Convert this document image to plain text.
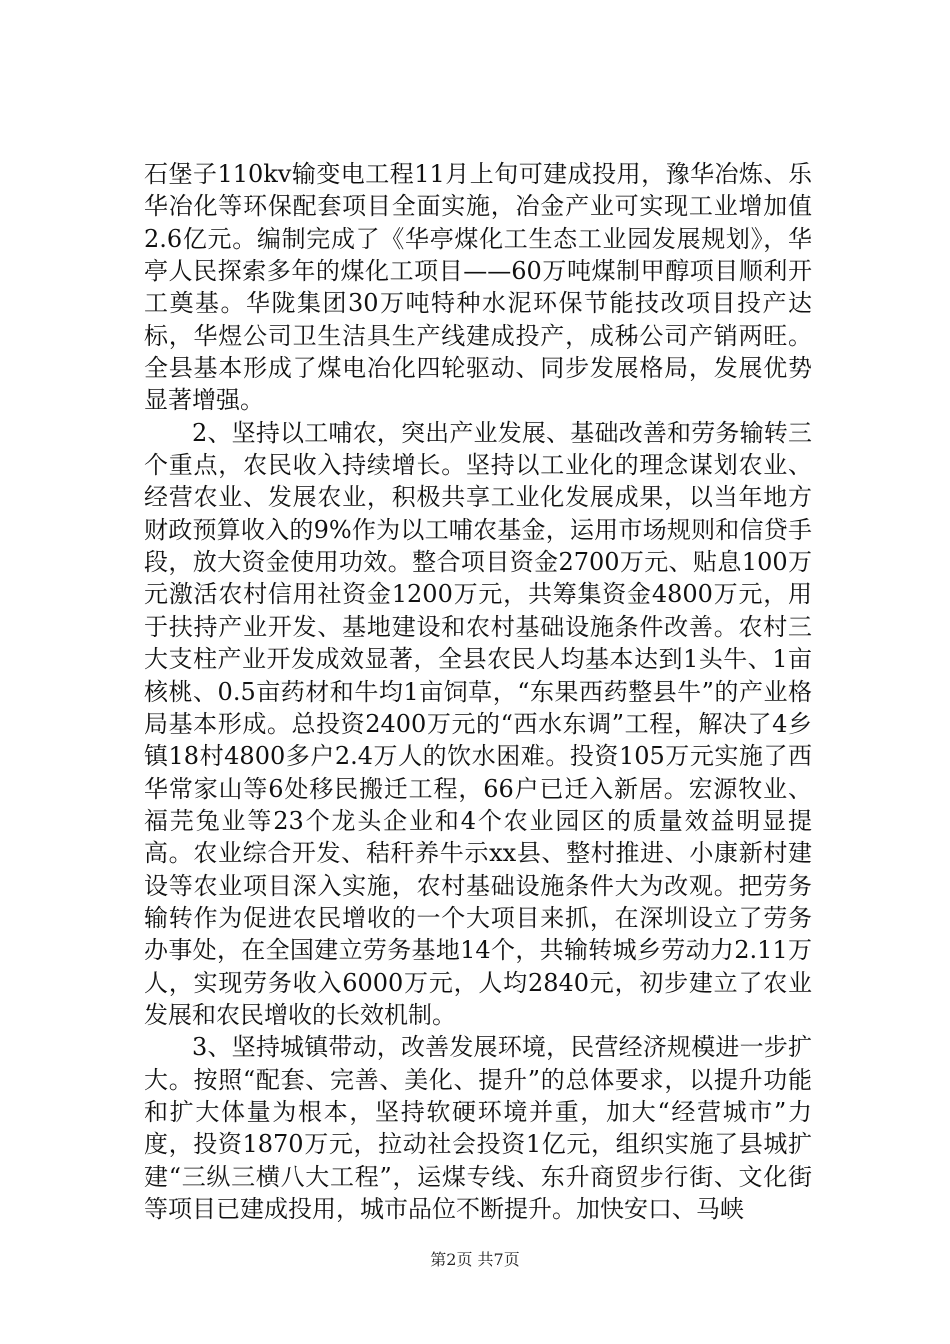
石堡子110kv输变电工程11月上旬可建成投用，豫华冶炼、乐华冶化等环保配套项目全面实施，冶金产业可实现工业增加值2.6亿元。编制完成了《华亭煤化工生态工业园发展规划》，华亭人民探索多年的煤化工项目——60万吨煤制甲醇项目顺利开工奠基。华陇集团30万吨特种水泥环保节能技改项目投产达标，华煜公司卫生洁具生产线建成投产，成秭公司产销两旺。全县基本形成了煤电冶化四轮驱动、同步发展格局，发展优势显著增强。

2、坚持以工哺农，突出产业发展、基础改善和劳务输转三个重点，农民收入持续增长。坚持以工业化的理念谋划农业、经营农业、发展农业，积极共享工业化发展成果，以当年地方财政预算收入的9%作为以工哺农基金，运用市场规则和信贷手段，放大资金使用功效。整合项目资金2700万元、贴息100万元激活农村信用社资金1200万元，共筹集资金4800万元，用于扶持产业开发、基地建设和农村基础设施条件改善。农村三大支柱产业开发成效显著，全县农民人均基本达到1头牛、1亩核桃、0.5亩药材和牛均1亩饲草，“东果西药整县牛”的产业格局基本形成。总投资2400万元的“西水东调”工程，解决了4乡镇18村4800多户2.4万人的饮水困难。投资105万元实施了西华常家山等6处移民搬迁工程，66户已迁入新居。宏源牧业、福芫兔业等23个龙头企业和4个农业园区的质量效益明显提高。农业综合开发、秸秆养牛示xx县、整村推进、小康新村建设等农业项目深入实施，农村基础设施条件大为改观。把劳务输转作为促进农民增收的一个大项目来抓，在深圳设立了劳务办事处，在全国建立劳务基地14个，共输转城乡劳动力2.11万人，实现劳务收入6000万元，人均2840元，初步建立了农业发展和农民增收的长效机制。

3、坚持城镇带动，改善发展环境，民营经济规模进一步扩大。按照“配套、完善、美化、提升”的总体要求，以提升功能和扩大体量为根本，坚持软硬环境并重，加大“经营城市”力度，投资1870万元，拉动社会投资1亿元，组织实施了县城扩建“三纵三横八大工程”，运煤专线、东升商贸步行街、文化街等项目已建成投用，城市品位不断提升。加快安口、马峡

第2页 共7页
